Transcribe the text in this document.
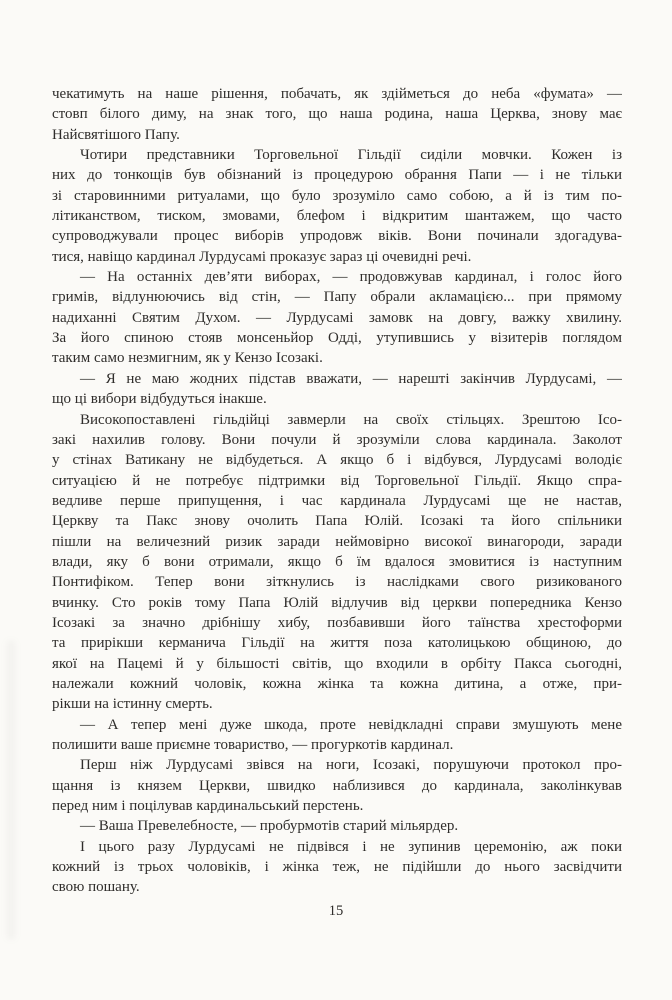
чекатимуть на наше рішення, побачать, як здійметься до неба «фумата» —
стовп білого диму, на знак того, що наша родина, наша Церква, знову має
Найсвятішого Папу.
Чотири представники Торговельної Гільдії сиділи мовчки. Кожен із
них до тонкощів був обізнаний із процедурою обрання Папи — і не тільки
зі старовинними ритуалами, що було зрозуміло само собою, а й із тим по-
літиканством, тиском, змовами, блефом і відкритим шантажем, що часто
супроводжували процес виборів упродовж віків. Вони починали здогадува-
тися, навіщо кардинал Лурдусамі проказує зараз ці очевидні речі.
— На останніх дев’яти виборах, — продовжував кардинал, і голос його
гримів, відлунюючись від стін, — Папу обрали акламацією... при прямому
надиханні Святим Духом. — Лурдусамі замовк на довгу, важку хвилину.
За його спиною стояв монсеньйор Одді, утупившись у візитерів поглядом
таким само незмигним, як у Кензо Ісозакі.
— Я не маю жодних підстав вважати, — нарешті закінчив Лурдусамі, —
що ці вибори відбудуться інакше.
Високопоставлені гільдійці завмерли на своїх стільцях. Зрештою Ісо-
закі нахилив голову. Вони почули й зрозуміли слова кардинала. Заколот
у стінах Ватикану не відбудеться. А якщо б і відбувся, Лурдусамі володіє
ситуацією й не потребує підтримки від Торговельної Гільдії. Якщо спра-
ведливе перше припущення, і час кардинала Лурдусамі ще не настав,
Церкву та Пакс знову очолить Папа Юлій. Ісозакі та його спільники
пішли на величезний ризик заради неймовірно високої винагороди, заради
влади, яку б вони отримали, якщо б їм вдалося змовитися із наступним
Понтифіком. Тепер вони зіткнулись із наслідками свого ризикованого
вчинку. Сто років тому Папа Юлій відлучив від церкви попередника Кензо
Ісозакі за значно дрібнішу хибу, позбавивши його таїнства хрестоформи
та прирікши керманича Гільдії на життя поза католицькою общиною, до
якої на Пацемі й у більшості світів, що входили в орбіту Пакса сьогодні,
належали кожний чоловік, кожна жінка та кожна дитина, а отже, при-
рікши на істинну смерть.
— А тепер мені дуже шкода, проте невідкладні справи змушують мене
полишити ваше приємне товариство, — прогуркотів кардинал.
Перш ніж Лурдусамі звівся на ноги, Ісозакі, порушуючи протокол про-
щання із князем Церкви, швидко наблизився до кардинала, заколінкував
перед ним і поцілував кардинальський перстень.
— Ваша Превелебносте, — пробурмотів старий мільярдер.
І цього разу Лурдусамі не підвівся і не зупинив церемонію, аж поки
кожний із трьох чоловіків, і жінка теж, не підійшли до нього засвідчити
свою пошану.
15
